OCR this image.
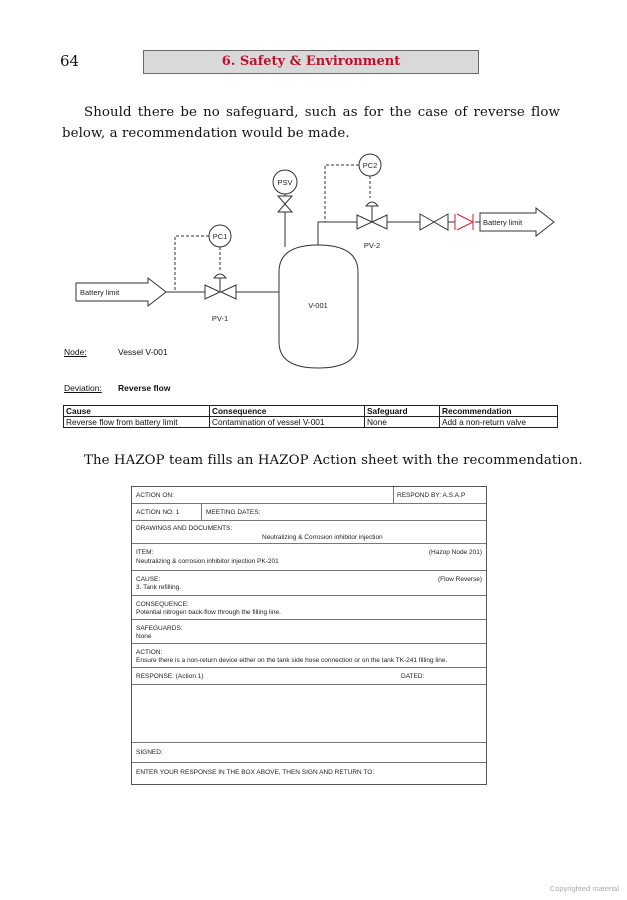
64	6. Safety & Environment

Should there be no safeguard, such as for the case of reverse flow below, a recommendation would be made.

PC2
PSV
PC1
PV-2
PV-1
V-001
Battery limit
Battery limit
Node:	Vessel V-001
Deviation: Reverse flow
Cause	Consequence	Safeguard	Recommendation
Reverse flow from battery limit	Contamination of vessel V-001	None	Add a non-return valve

The HAZOP team fills an HAZOP Action sheet with the recommendation.

ACTION ON:	RESPOND BY: A.S.A.P
ACTION NO: 1	MEETING DATES:
DRAWINGS AND DOCUMENTS:
Neutralizing & Corrosion inhibitor injection
ITEM:	(Hazop Node 201)
Neutralizing & corrosion inhibitor injection PK-201
CAUSE:	(Flow Reverse)
3. Tank refilling.
CONSEQUENCE:
Potential nitrogen back-flow through the filling line.
SAFEGUARDS:
None
ACTION:
Ensure there is a non-return device either on the tank side hose connection or on the tank TK-241 filling line.
RESPONSE: (Action 1)	DATED:
SIGNED:
ENTER YOUR RESPONSE IN THE BOX ABOVE, THEN SIGN AND RETURN TO:
Copyrighted material
